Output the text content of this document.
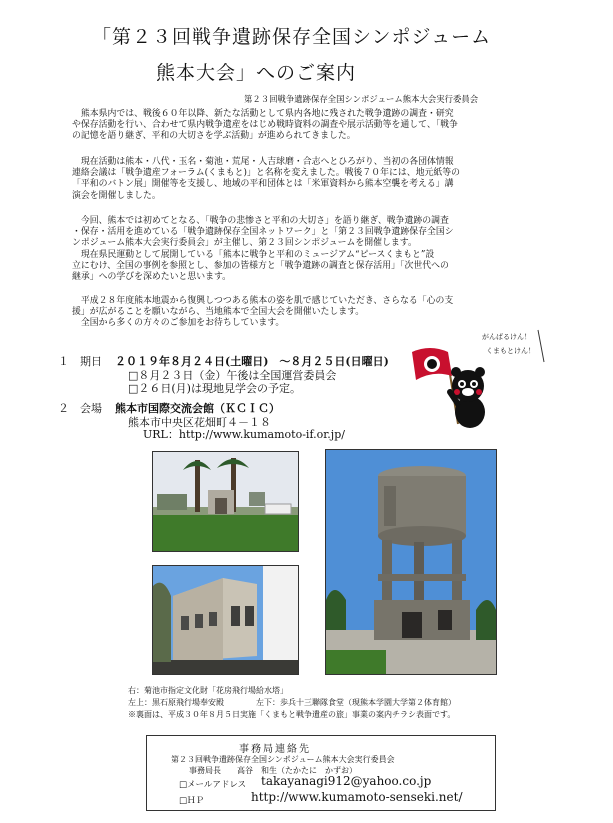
「第２３回戦争遺跡保存全国シンポジューム
熊本大会」へのご案内
第２３回戦争遺跡保存全国シンポジューム熊本大会実行委員会

熊本県内では、戦後６０年以降、新たな活動として県内各地に残された戦争遺跡の調査・研究

や保存活動を行い、合わせて県内戦争遺産をはじめ戦時資料の調査や展示活動等を通して、「戦争

の記憶を語り継ぎ、平和の大切さを学ぶ活動」が進められてきました。

現在活動は熊本・八代・玉名・菊池・荒尾・人吉球磨・合志へとひろがり、当初の各団体情報

連絡会議は「戦争遺産フォーラム(くまもと)」と名称を変えました。戦後７０年には、地元紙等の

「平和のバトン展」開催等を支援し、地域の平和団体とは「米軍資料から熊本空襲を考える」講

演会を開催しました。

今回、熊本では初めてとなる、「戦争の悲惨さと平和の大切さ」を語り継ぎ、戦争遺跡の調査

・保存・活用を進めている「戦争遺跡保存全国ネットワーク」と「第２３回戦争遺跡保存全国シ

ンポジューム熊本大会実行委員会」が主催し、第２３回シンポジュームを開催します。

現在県民運動として展開している「熊本に戦争と平和のミュージアム“ピースくまもと”設

立にむけ、全国の事例を参照とし、参加の皆様方と「戦争遺跡の調査と保存活用」「次世代への

継承」への学びを深めたいと思います。

平成２８年度熊本地震から復興しつつある熊本の姿を肌で感じていただき、さらなる「心の支

援」が広がることを願いながら、当地熊本で全国大会を開催いたします。

全国から多くの方々のご参加をお待ちしています。

がんばるけん！
くまもとけん！
１　期日 ２０１９年８月２４日(土曜日)　～８月２５日(日曜日)
□８月２３日（金）午後は全国運営委員会
□２６日(月)は現地見学会の予定。
２　会場 熊本市国際交流会館（ＫＣＩＣ）
熊本市中央区花畑町４－１８
URL：http://www.kumamoto-if.or.jp/
右：菊池市指定文化財「花房飛行場給水塔」
左上：黒石原飛行場奉安殿　　　　左下：歩兵十三聯隊食堂（現熊本学園大学第２体育館）
※裏面は、平成３０年８月５日実施「くまもと戦争遺産の旅」事業の案内チラシ表面です。
事務局連絡先
第２３回戦争遺跡保存全国シンポジューム熊本大会実行委員会
事務局長　　高谷　和生（たかたに　かずお）
□メールアドレス takayanagi912@yahoo.co.jp
□ＨＰ	http://www.kumamoto-senseki.net/
